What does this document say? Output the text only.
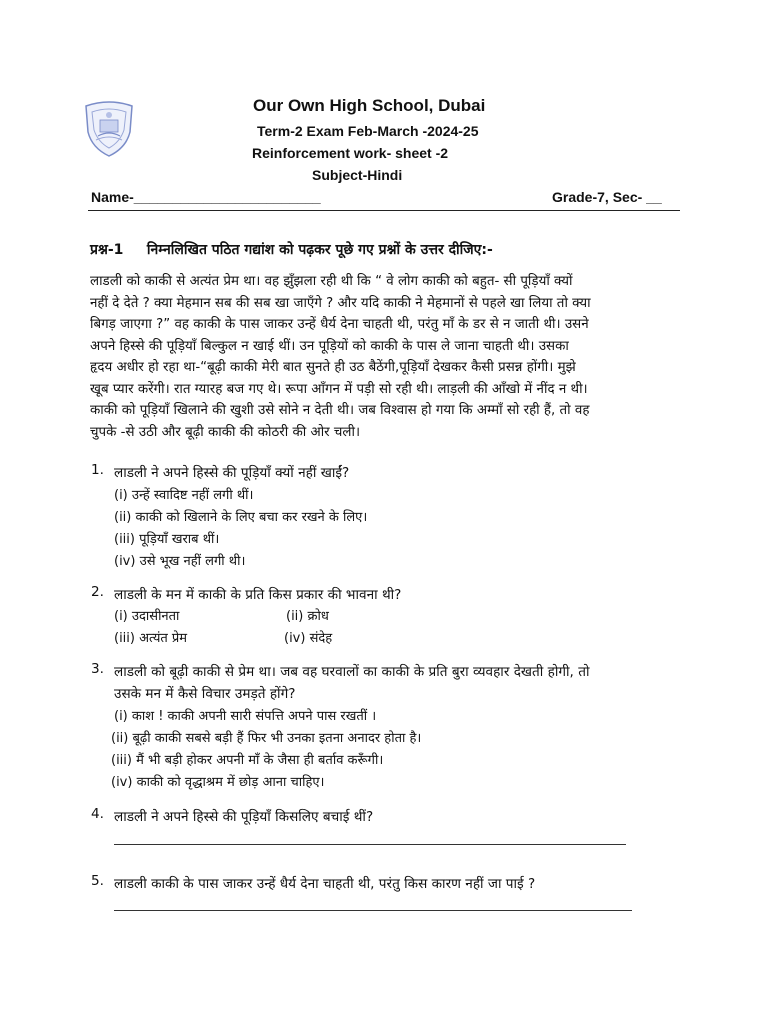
Our Own High School, Dubai
Term-2 Exam Feb-March -2024-25
Reinforcement work- sheet -2
Subject-Hindi
Name-________________________	Grade-7, Sec- __
प्रश्न-1 निम्नलिखित पठित गद्यांश को पढ़कर पूछे गए प्रश्नों के उत्तर दीजिए:-
लाडली को काकी से अत्यंत प्रेम था। वह झुँझला रही थी कि “ वे लोग काकी को बहुत- सी पूड़ियाँ क्यों
नहीं दे देते ? क्या मेहमान सब की सब खा जाएँगे ? और यदि काकी ने मेहमानों से पहले खा लिया तो क्या
बिगड़ जाएगा ?” वह काकी के पास जाकर उन्हें धैर्य देना चाहती थी, परंतु माँ के डर से न जाती थी। उसने
अपने हिस्से की पूड़ियाँ बिल्कुल न खाई थीं। उन पूड़ियों को काकी के पास ले जाना चाहती थी। उसका
हृदय अधीर हो रहा था-“बूढ़ी काकी मेरी बात सुनते ही उठ बैठेंगी,पूड़ियाँ देखकर कैसी प्रसन्न होंगी। मुझे
खूब प्यार करेंगी। रात ग्यारह बज गए थे। रूपा आँगन में पड़ी सो रही थी। लाड़ली की आँखो में नींद न थी।
काकी को पूड़ियाँ खिलाने की खुशी उसे सोने न देती थी। जब विश्वास हो गया कि अम्माँ सो रही हैं, तो वह
चुपके -से उठी और बूढ़ी काकी की कोठरी की ओर चली।
1. लाडली ने अपने हिस्से की पूड़ियाँ क्यों नहीं खाईं?
(i) उन्हें स्वादिष्ट नहीं लगी थीं।
(ii) काकी को खिलाने के लिए बचा कर रखने के लिए।
(iii) पूड़ियाँ खराब थीं।
(iv) उसे भूख नहीं लगी थी।
2. लाडली के मन में काकी के प्रति किस प्रकार की भावना थी?
(i) उदासीनता	(ii) क्रोध
(iii) अत्यंत प्रेम	(iv) संदेह
3. लाडली को बूढ़ी काकी से प्रेम था। जब वह घरवालों का काकी के प्रति बुरा व्यवहार देखती होगी, तो
उसके मन में कैसे विचार उमड़ते होंगे?
(i) काश ! काकी अपनी सारी संपत्ति अपने पास रखतीं ।
(ii) बूढ़ी काकी सबसे बड़ी हैं फिर भी उनका इतना अनादर होता है।
(iii) मैं भी बड़ी होकर अपनी माँ के जैसा ही बर्ताव करूँगी।
(iv) काकी को वृद्धाश्रम में छोड़ आना चाहिए।
4. लाडली ने अपने हिस्से की पूड़ियाँ किसलिए बचाई थीं?
5. लाडली काकी के पास जाकर उन्हें धैर्य देना चाहती थी, परंतु किस कारण नहीं जा पाई ?
